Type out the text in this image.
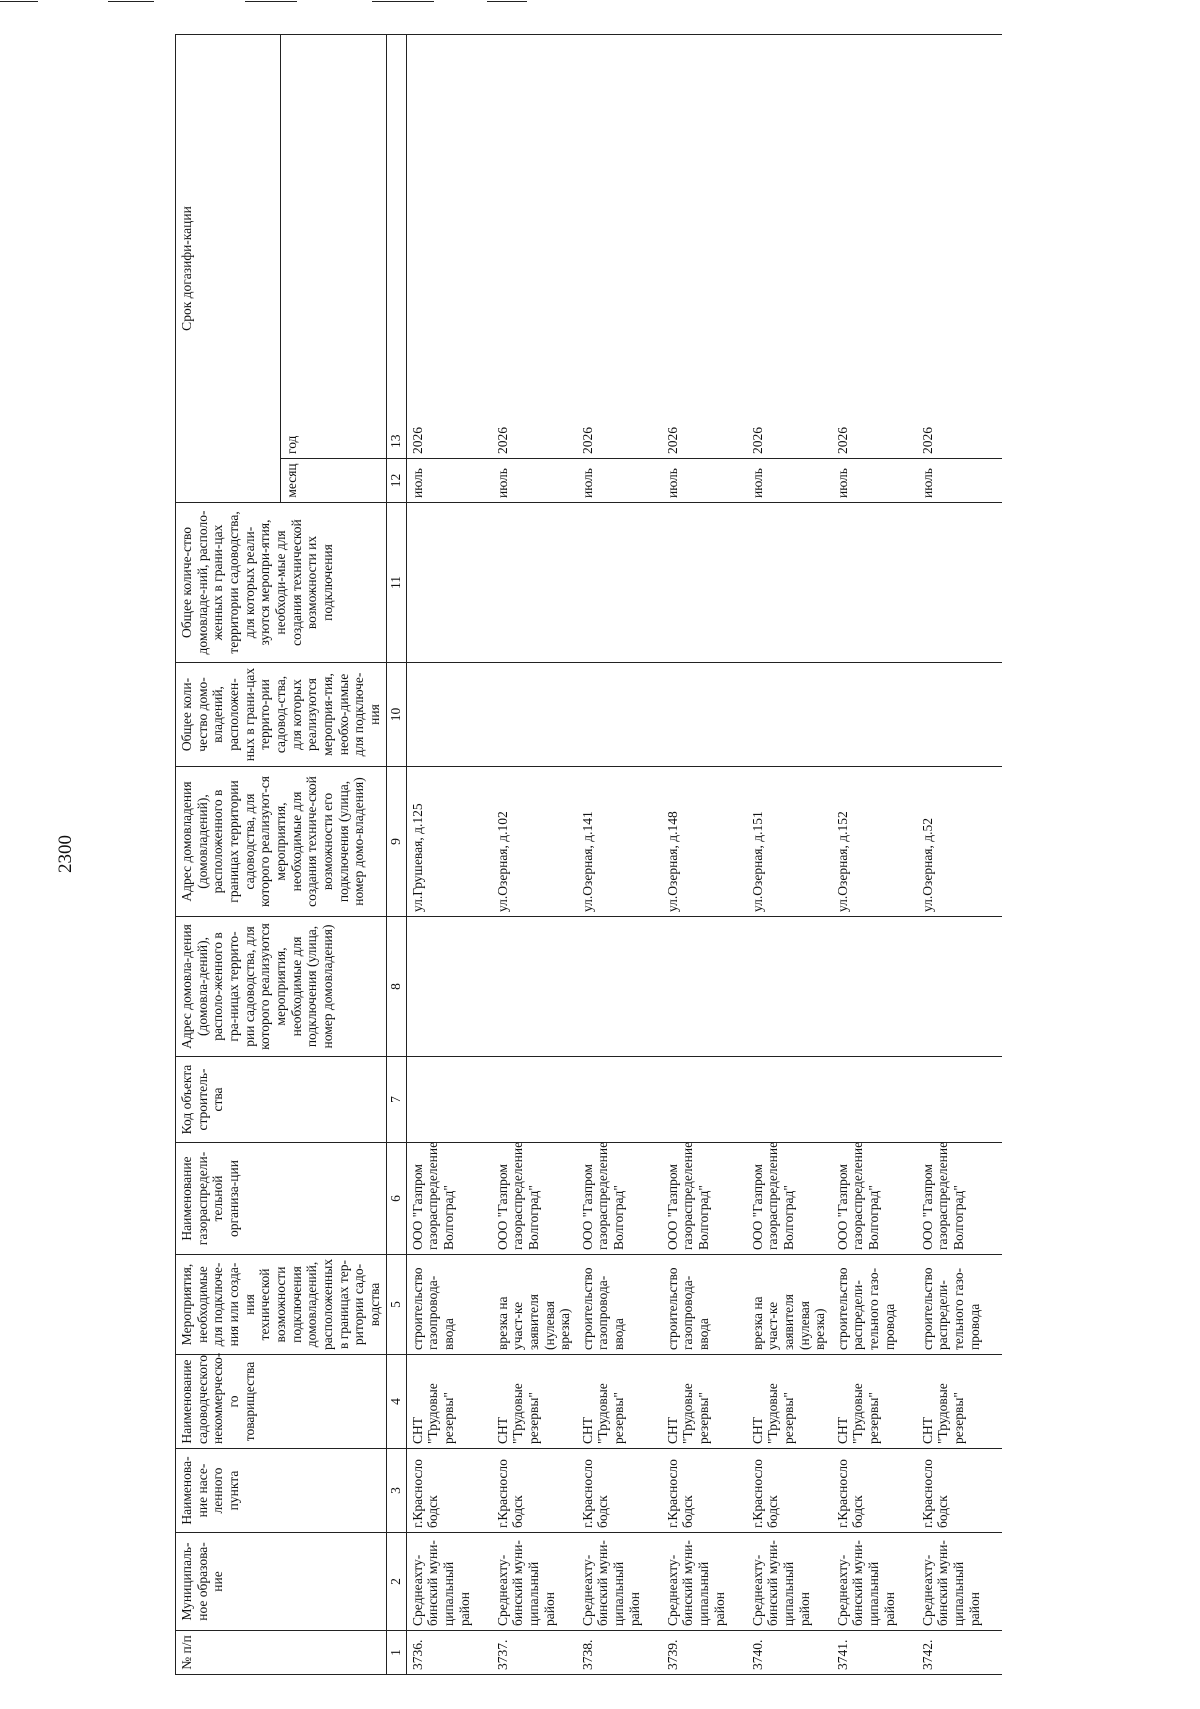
2300
№ п/п	Муниципаль-ное образова-ние	Наименова-ние насе-ленного пункта	Наименование садоводческого некоммерческо-го товарищества	Мероприятия, необходимые для подключе-ния или созда-ния технической возможности подключения домовладений, расположенных в границах тер-ритории садо-водства	Наименование газораспредели-тельной организа-ции	Код объекта строитель-ства	Адрес домовла-дения (домовла-дений), располо-женного в гра-ницах террито-рии садоводства, для которого реализуются мероприятия, необходимые для подключения (улица, номер домовладения)	Адрес домовладения (домовладений), расположенного в границах территории садоводства, для которого реализуют-ся мероприятия, необходимые для создания техниче-ской возможности его подключения (улица, номер домо-владения)	Общее коли-чество домо-владений, расположен-ных в грани-цах террито-рии садовод-ства, для которых реализуются мероприя-тия, необхо-димые для подключе-ния	Общее количе-ство домовладе-ний, располо-женных в грани-цах территории садоводства, для которых реали-зуются меропри-ятия, необходи-мые для создания технической возможности их подключения	Срок догазифи-кации	
											месяц	год
1	2	3	4	5	6	7	8	9	10	11	12	13
3736.	Среднеахту-бинский муни-ципальный район	г.Красносло бодск	СНТ "Трудовые резервы"	строительство газопровода-ввода	ООО "Газпром газораспределение Волгоград"			ул.Грушевая, д.125			июль	2026
3737.	Среднеахту-бинский муни-ципальный район	г.Красносло бодск	СНТ "Трудовые резервы"	врезка на участ-ке заявителя (нулевая врезка)	ООО "Газпром газораспределение Волгоград"			ул.Озерная, д.102			июль	2026
3738.	Среднеахту-бинский муни-ципальный район	г.Красносло бодск	СНТ "Трудовые резервы"	строительство газопровода-ввода	ООО "Газпром газораспределение Волгоград"			ул.Озерная, д.141			июль	2026
3739.	Среднеахту-бинский муни-ципальный район	г.Красносло бодск	СНТ "Трудовые резервы"	строительство газопровода-ввода	ООО "Газпром газораспределение Волгоград"			ул.Озерная, д.148			июль	2026
3740.	Среднеахту-бинский муни-ципальный район	г.Красносло бодск	СНТ "Трудовые резервы"	врезка на участ-ке заявителя (нулевая врезка)	ООО "Газпром газораспределение Волгоград"			ул.Озерная, д.151			июль	2026
3741.	Среднеахту-бинский муни-ципальный район	г.Красносло бодск	СНТ "Трудовые резервы"	строительство распредели-тельного газо-провода	ООО "Газпром газораспределение Волгоград"			ул.Озерная, д.152			июль	2026
3742.	Среднеахту-бинский муни-ципальный район	г.Красносло бодск	СНТ "Трудовые резервы"	строительство распредели-тельного газо-провода	ООО "Газпром газораспределение Волгоград"			ул.Озерная, д.52			июль	2026
